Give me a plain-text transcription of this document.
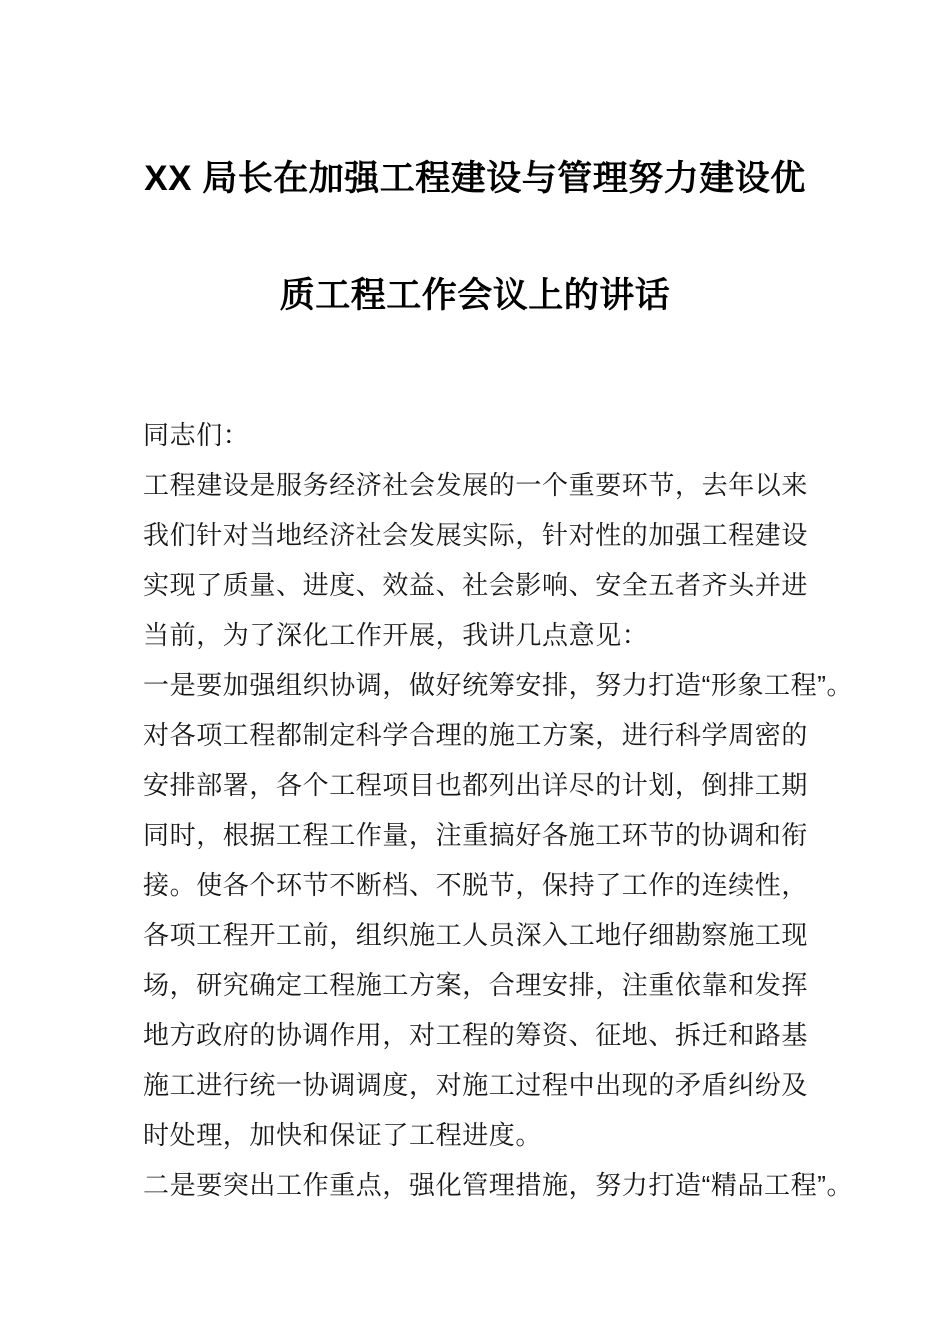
XX 局长在加强工程建设与管理努力建设优
质工程工作会议上的讲话
同志们：
工程建设是服务经济社会发展的一个重要环节，去年以来
我们针对当地经济社会发展实际，针对性的加强工程建设
实现了质量、进度、效益、社会影响、安全五者齐头并进
当前，为了深化工作开展，我讲几点意见：
一是要加强组织协调，做好统筹安排，努力打造“形象工程”。
对各项工程都制定科学合理的施工方案，进行科学周密的
安排部署，各个工程项目也都列出详尽的计划，倒排工期
同时，根据工程工作量，注重搞好各施工环节的协调和衔
接。使各个环节不断档、不脱节，保持了工作的连续性，
各项工程开工前，组织施工人员深入工地仔细勘察施工现
场，研究确定工程施工方案，合理安排，注重依靠和发挥
地方政府的协调作用，对工程的筹资、征地、拆迁和路基
施工进行统一协调调度，对施工过程中出现的矛盾纠纷及
时处理，加快和保证了工程进度。
二是要突出工作重点，强化管理措施，努力打造“精品工程”。
